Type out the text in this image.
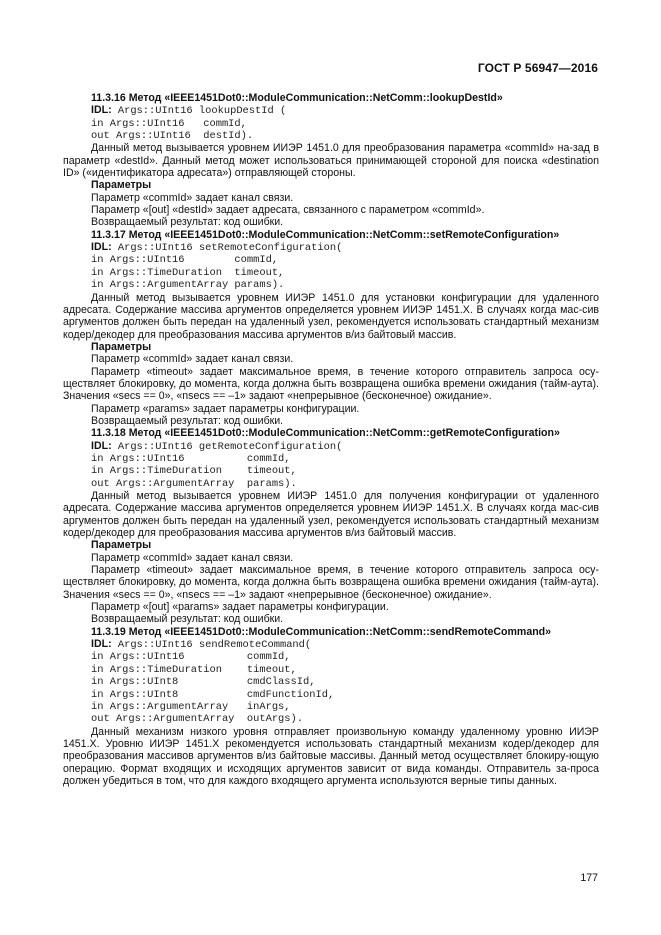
ГОСТ Р 56947—2016

11.3.16 Метод «IEEE1451Dot0::ModuleCommunication::NetComm::lookupDestId»

IDL: Args::UInt16 lookupDestId (
in Args::UInt16   commId,
out Args::UInt16  destId).

Данный метод вызывается уровнем ИИЭР 1451.0 для преобразования параметра «commId» на-зад в параметр «destId». Данный метод может использоваться принимающей стороной для поиска «destination ID» («идентификатора адресата») отправляющей стороны.

Параметры

Параметр «commId» задает канал связи.

Параметр «[out] «destId» задает адресата, связанного с параметром «commId».

Возвращаемый результат: код ошибки.

11.3.17 Метод «IEEE1451Dot0::ModuleCommunication::NetComm::setRemoteConfiguration»

IDL: Args::UInt16 setRemoteConfiguration(
in Args::UInt16        commId,
in Args::TimeDuration  timeout,
in Args::ArgumentArray params).

Данный метод вызывается уровнем ИИЭР 1451.0 для установки конфигурации для удаленного адресата. Содержание массива аргументов определяется уровнем ИИЭР 1451.X. В случаях когда мас-сив аргументов должен быть передан на удаленный узел, рекомендуется использовать стандартный механизм кодер/декодер для преобразования массива аргументов в/из байтовый массив.

Параметры

Параметр «commId» задает канал связи.

Параметр «timeout» задает максимальное время, в течение которого отправитель запроса осу-ществляет блокировку, до момента, когда должна быть возвращена ошибка времени ожидания (тайм-аута). Значения «secs == 0», «nsecs == –1» задают «непрерывное (бесконечное) ожидание».

Параметр «params» задает параметры конфигурации.

Возвращаемый результат: код ошибки.

11.3.18 Метод «IEEE1451Dot0::ModuleCommunication::NetComm::getRemoteConfiguration»

IDL: Args::UInt16 getRemoteConfiguration(
in Args::UInt16          commId,
in Args::TimeDuration    timeout,
out Args::ArgumentArray  params).

Данный метод вызывается уровнем ИИЭР 1451.0 для получения конфигурации от удаленного адресата. Содержание массива аргументов определяется уровнем ИИЭР 1451.X. В случаях когда мас-сив аргументов должен быть передан на удаленный узел, рекомендуется использовать стандартный механизм кодер/декодер для преобразования массива аргументов в/из байтовый массив.

Параметры

Параметр «commId» задает канал связи.

Параметр «timeout» задает максимальное время, в течение которого отправитель запроса осу-ществляет блокировку, до момента, когда должна быть возвращена ошибка времени ожидания (тайм-аута). Значения «secs == 0», «nsecs == –1» задают «непрерывное (бесконечное) ожидание».

Параметр «[out] «params» задает параметры конфигурации.

Возвращаемый результат: код ошибки.

11.3.19 Метод «IEEE1451Dot0::ModuleCommunication::NetComm::sendRemoteCommand»

IDL: Args::UInt16 sendRemoteCommand(
in Args::UInt16          commId,
in Args::TimeDuration    timeout,
in Args::UInt8           cmdClassId,
in Args::UInt8           cmdFunctionId,
in Args::ArgumentArray   inArgs,
out Args::ArgumentArray  outArgs).

Данный механизм низкого уровня отправляет произвольную команду удаленному уровню ИИЭР 1451.X. Уровню ИИЭР 1451.X рекомендуется использовать стандартный механизм кодер/декодер для преобразования массивов аргументов в/из байтовые массивы. Данный метод осуществляет блокиру-ющую операцию. Формат входящих и исходящих аргументов зависит от вида команды. Отправитель за-проса должен убедиться в том, что для каждого входящего аргумента используются верные типы данных.

177
